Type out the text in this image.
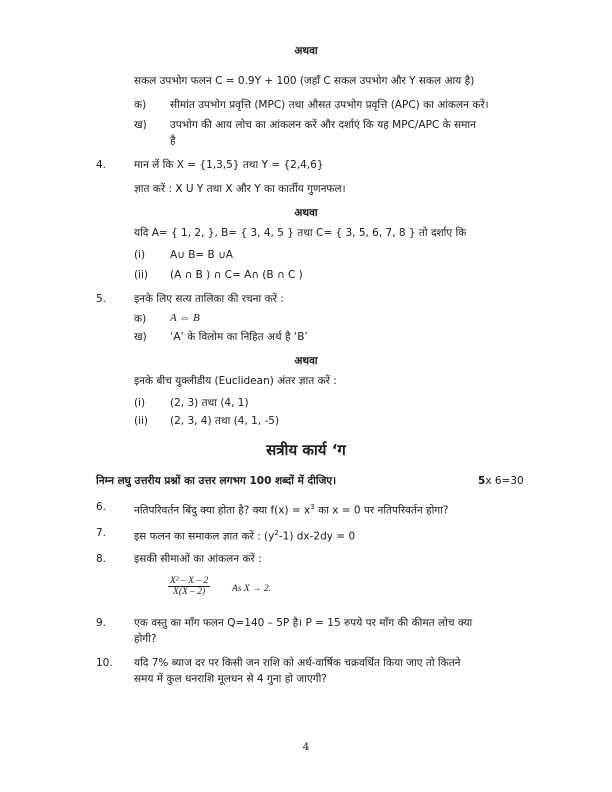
अथवा
सकल उपभोग फलन C = 0.9Y + 100 (जहाँ C सकल उपभोग और Y सकल आय है)
क) सीमांत उपभोग प्रवृत्ति (MPC) तथा औसत उपभोग प्रवृत्ति (APC) का आंकलन करें।
ख) उपभोग की आय लोच का आंकलन करें और दर्शाएं कि यह MPC/APC के समान
है
4.	मान लें कि X = {1,3,5} तथा Y = {2,4,6}
ज्ञात करें : X U Y तथा X और Y का कार्तीय गुणनफल।
अथवा
यदि A= { 1, 2, }, B= { 3, 4, 5 } तथा C= { 3, 5, 6, 7, 8 } तो दर्शाए कि
(i) A∪ B= B ∪A
(ii) (A ∩ B ) ∩ C= A∩ (B ∩ C )
5.	इनके लिए सत्य तालिका की रचना करें :
क) A ⇔ B
ख) ‘A’ के विलोम का निहित अर्थ है ‘B’
अथवा
इनके बीच युक्लीडीय (Euclidean) अंतर ज्ञात करें :
(i) (2, 3) तथा (4, 1)
(ii) (2, 3, 4) तथा (4, 1, -5)
सत्रीय कार्य ‘ग
निम्न लघु उत्तरीय प्रश्नों का उत्तर लगभग 100 शब्दों में दीजिए।	5x 6=30
6.	नतिपरिवर्तन बिंदु क्या होता है? क्या $f(x) = x^3$ का x = 0 पर नतिपरिवर्तन होगा?
7.	इस फलन का समाकल ज्ञात करें : $(y^2-1) dx-2dy = 0$
8.	इसकी सीमाओं का आंकलन करें :
$\frac{\text{X² – X – 2}}{X(X - 2)}$ As X → 2.
9.	एक वस्तु का माँग फलन Q=140 – 5P है। P = 15 रुपये पर माँग की कीमत लोच क्या
होगी?
10. यदि 7% ब्याज दर पर किसी जन राशि को अर्ध-वार्षिक चक्रवर्धित किया जाए तो कितने
समय में कुल धनराशि मूलधन से 4 गुना हो जाएगी?
4
